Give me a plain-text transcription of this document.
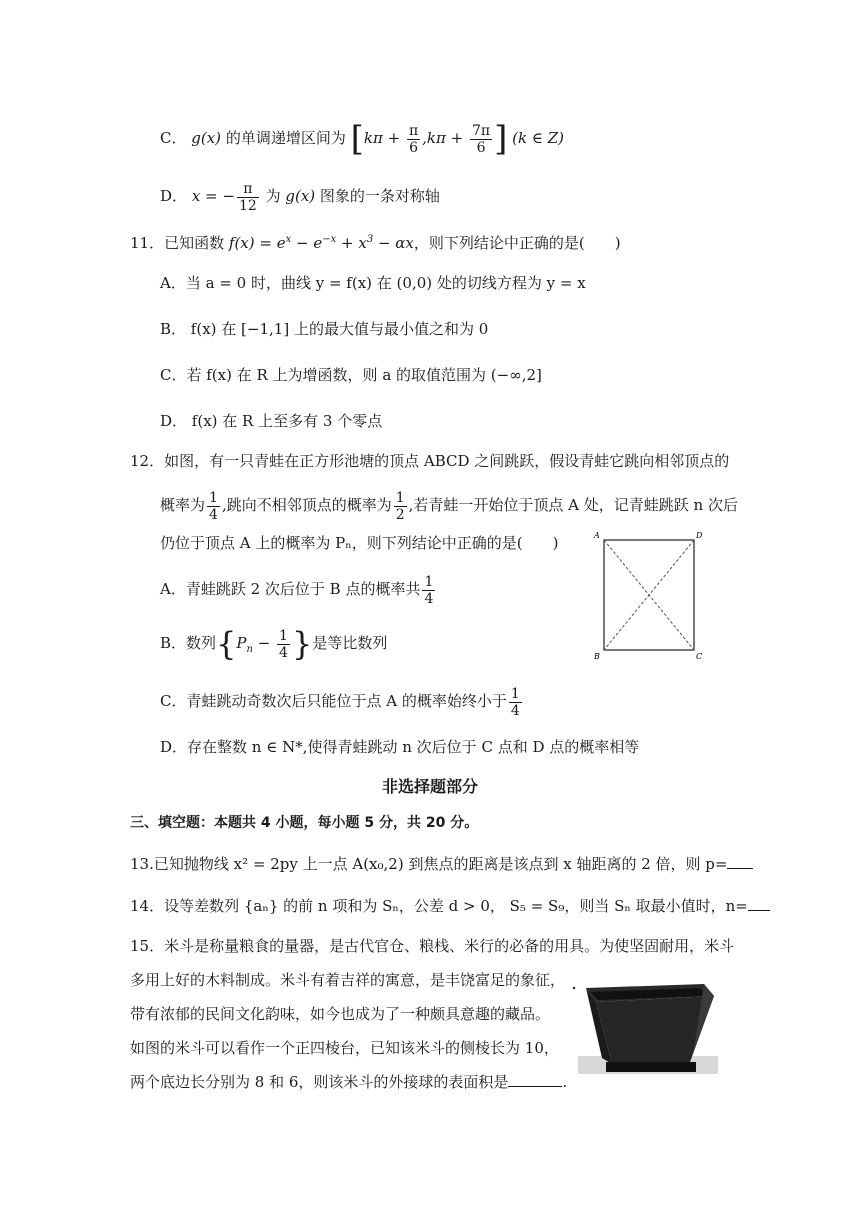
C． g(x) 的单调递增区间为 [$k\pi + \frac{\pi}{6} ,k\pi + \frac{7\pi}{6}$ ] (k ∈ Z)
D． x = − $\frac{\pi}{12}$ 为 g(x) 图象的一条对称轴
11．已知函数 $f(x) = e^x - e^{-x} + x^3 - \alpha x$，则下列结论中正确的是(　　)
A．当 a = 0 时，曲线 y = f(x) 在 (0,0) 处的切线方程为 y = x
B． f(x) 在 [−1,1] 上的最大值与最小值之和为 0
C．若 f(x) 在 R 上为增函数，则 a 的取值范围为 (−∞,2]
D． f(x) 在 R 上至多有 3 个零点
12．如图，有一只青蛙在正方形池塘的顶点 ABCD 之间跳跃，假设青蛙它跳向相邻顶点的
概率为 $\frac{1}{4}$ ,跳向不相邻顶点的概率为 $\frac{1}{2}$ ,若青蛙一开始位于顶点 A 处，记青蛙跳跃 n 次后
仍位于顶点 A 上的概率为 Pₙ，则下列结论中正确的是(　　)
A．青蛙跳跃 2 次后位于 B 点的概率共 $\frac{1}{4}$
B．数列{$P_n - \frac{1}{4}$ }是等比数列
C．青蛙跳动奇数次后只能位于点 A 的概率始终小于 $\frac{1}{4}$
D．存在整数 n ∈ N*,使得青蛙跳动 n 次后位于 C 点和 D 点的概率相等
A	D
B	C
非选择题部分
三、填空题：本题共 4 小题，每小题 5 分，共 20 分。
13.已知抛物线 x² = 2py 上一点 A(x₀,2) 到焦点的距离是该点到 x 轴距离的 2 倍，则 p=
14．设等差数列 {aₙ} 的前 n 项和为 Sₙ，公差 d > 0， S₅ = S₉，则当 Sₙ 取最小值时，n=
15．米斗是称量粮食的量器，是古代官仓、粮栈、米行的必备的用具。为使坚固耐用，米斗
多用上好的木料制成。米斗有着吉祥的寓意，是丰饶富足的象征，
带有浓郁的民间文化韵味，如今也成为了一种颇具意趣的藏品。
如图的米斗可以看作一个正四棱台，已知该米斗的侧棱长为 10，
两个底边长分别为 8 和 6，则该米斗的外接球的表面积是	.
